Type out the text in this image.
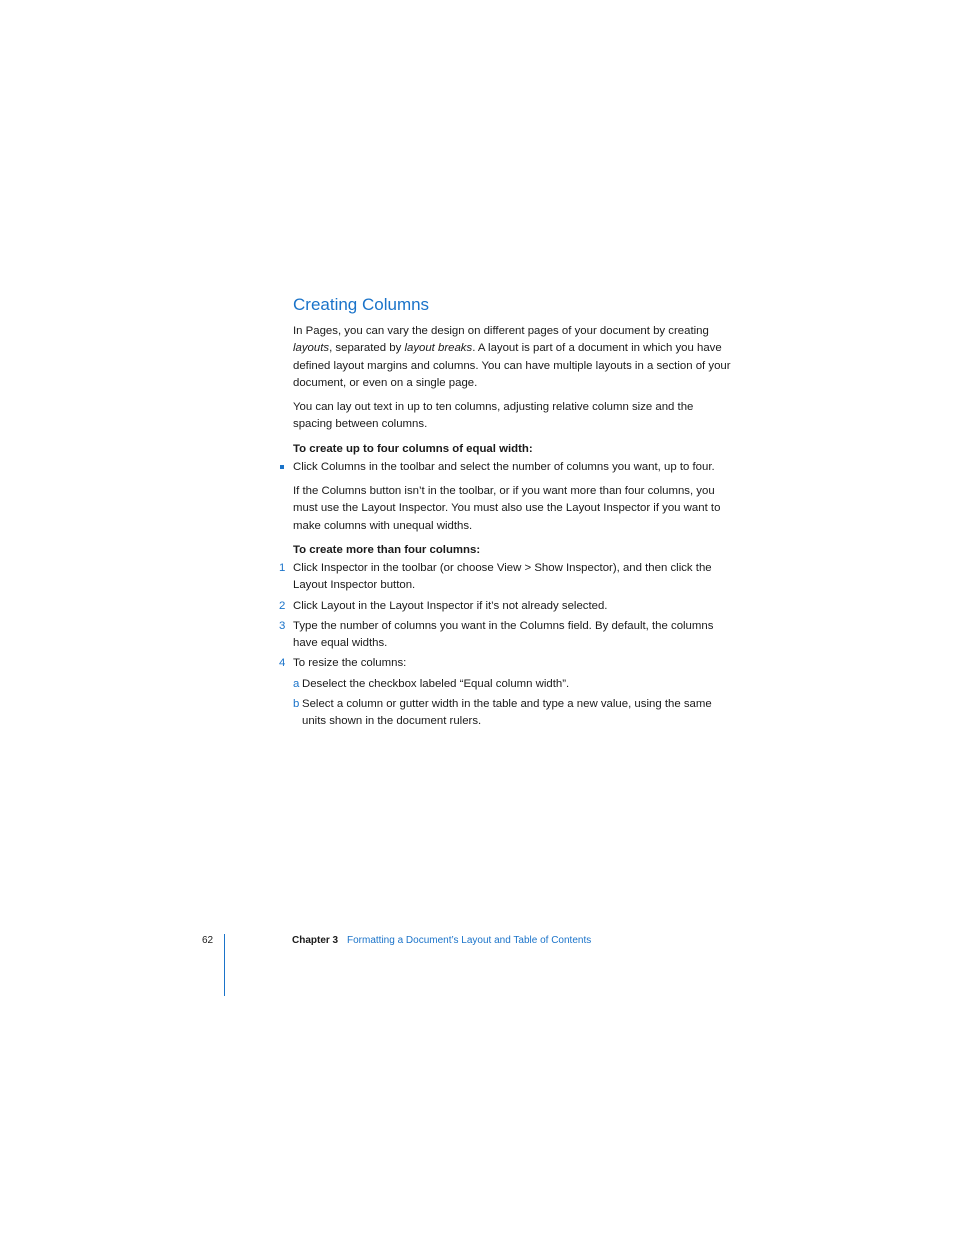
Creating Columns

In Pages, you can vary the design on different pages of your document by creating layouts, separated by layout breaks. A layout is part of a document in which you have defined layout margins and columns. You can have multiple layouts in a section of your document, or even on a single page.

You can lay out text in up to ten columns, adjusting relative column size and the spacing between columns.

To create up to four columns of equal width:
Click Columns in the toolbar and select the number of columns you want, up to four.

If the Columns button isn’t in the toolbar, or if you want more than four columns, you must use the Layout Inspector. You must also use the Layout Inspector if you want to make columns with unequal widths.

To create more than four columns:
1 Click Inspector in the toolbar (or choose View > Show Inspector), and then click the Layout Inspector button.
2 Click Layout in the Layout Inspector if it’s not already selected.
3 Type the number of columns you want in the Columns field. By default, the columns have equal widths.
4 To resize the columns:
a Deselect the checkbox labeled “Equal column width”.
b Select a column or gutter width in the table and type a new value, using the same units shown in the document rulers.
62	Chapter 3 Formatting a Document’s Layout and Table of Contents
